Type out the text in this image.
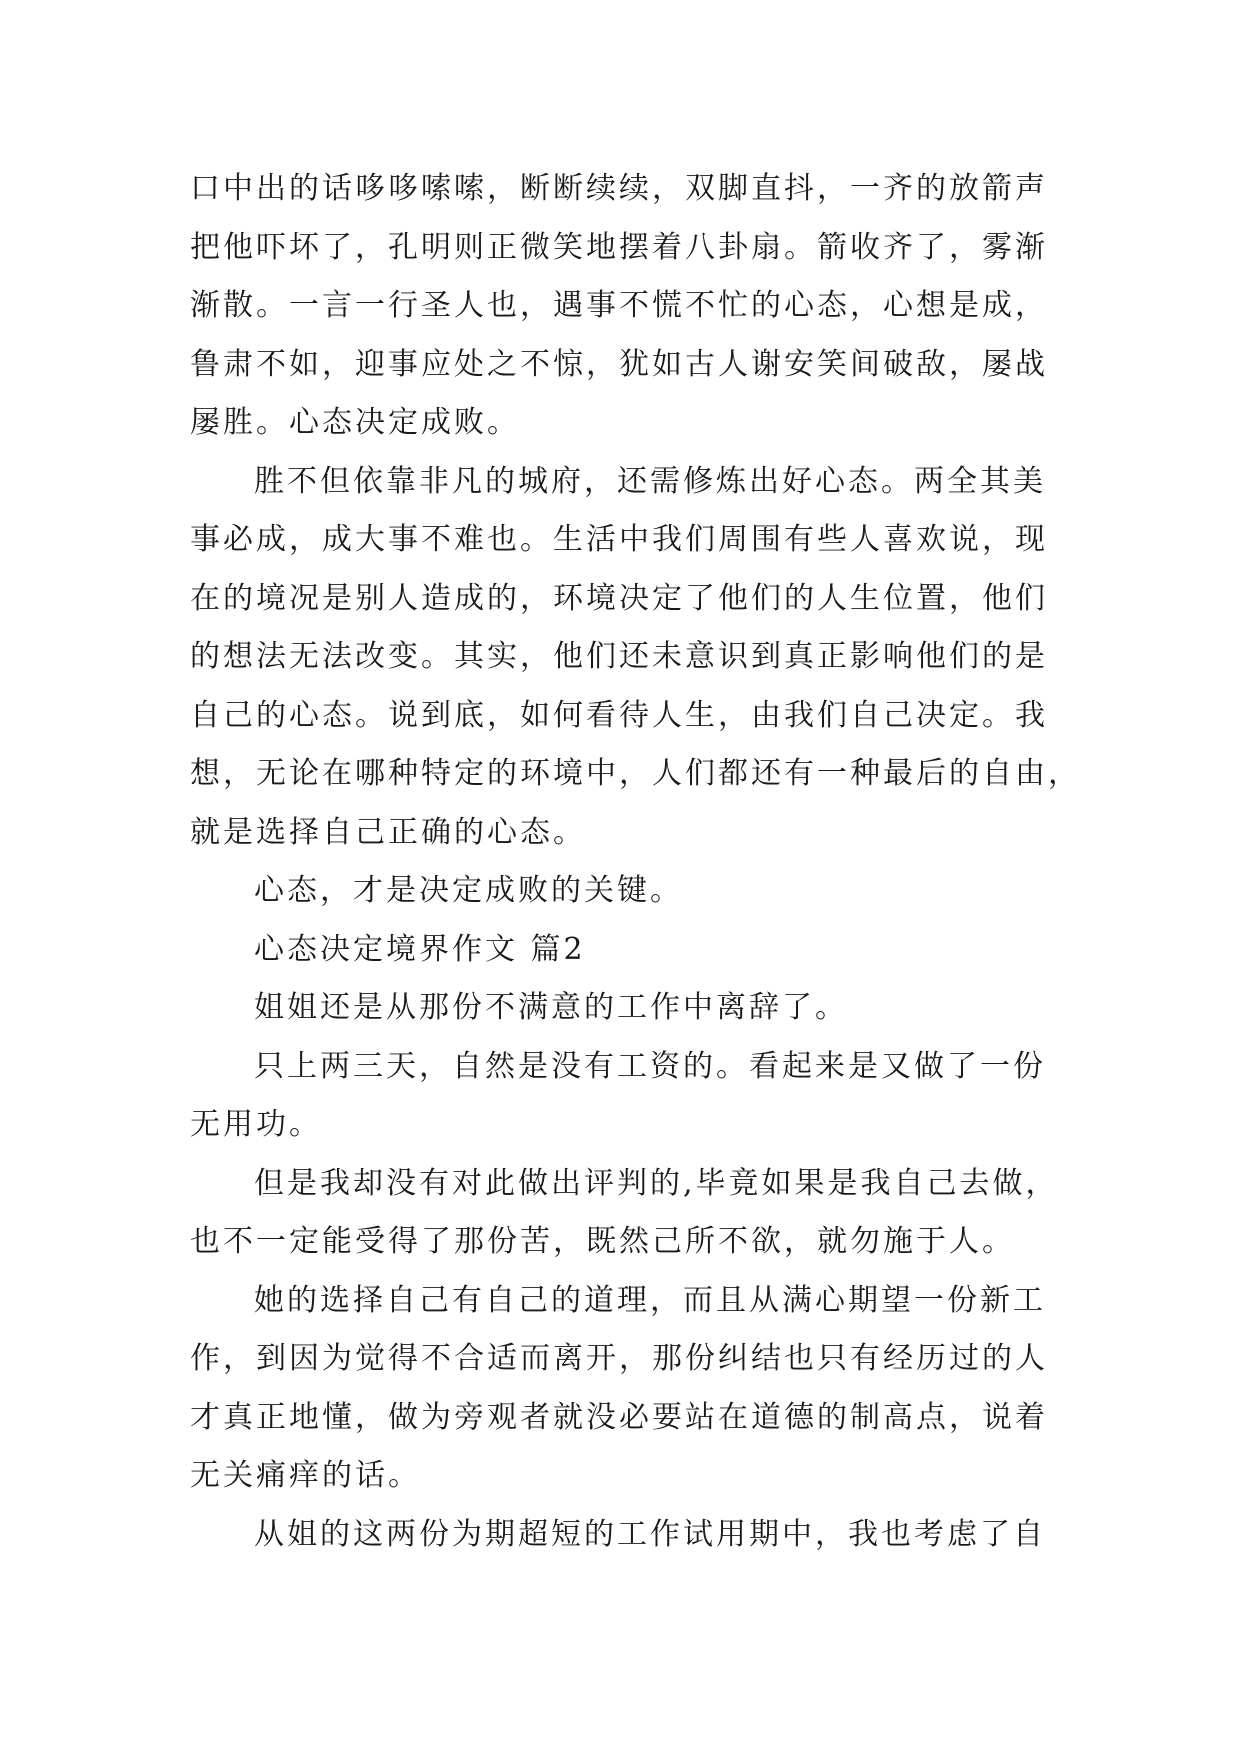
口中出的话哆哆嗦嗦，断断续续，双脚直抖，一齐的放箭声
把他吓坏了，孔明则正微笑地摆着八卦扇。箭收齐了，雾渐
渐散。一言一行圣人也，遇事不慌不忙的心态，心想是成，
鲁肃不如，迎事应处之不惊，犹如古人谢安笑间破敌，屡战
屡胜。心态决定成败。
胜不但依靠非凡的城府，还需修炼出好心态。两全其美
事必成，成大事不难也。生活中我们周围有些人喜欢说，现
在的境况是别人造成的，环境决定了他们的人生位置，他们
的想法无法改变。其实，他们还未意识到真正影响他们的是
自己的心态。说到底，如何看待人生，由我们自己决定。我
想，无论在哪种特定的环境中，人们都还有一种最后的自由，
就是选择自己正确的心态。
心态，才是决定成败的关键。
心态决定境界作文 篇2
姐姐还是从那份不满意的工作中离辞了。
只上两三天，自然是没有工资的。看起来是又做了一份
无用功。
但是我却没有对此做出评判的,毕竟如果是我自己去做，
也不一定能受得了那份苦，既然己所不欲，就勿施于人。
她的选择自己有自己的道理，而且从满心期望一份新工
作，到因为觉得不合适而离开，那份纠结也只有经历过的人
才真正地懂，做为旁观者就没必要站在道德的制高点，说着
无关痛痒的话。
从姐的这两份为期超短的工作试用期中，我也考虑了自
